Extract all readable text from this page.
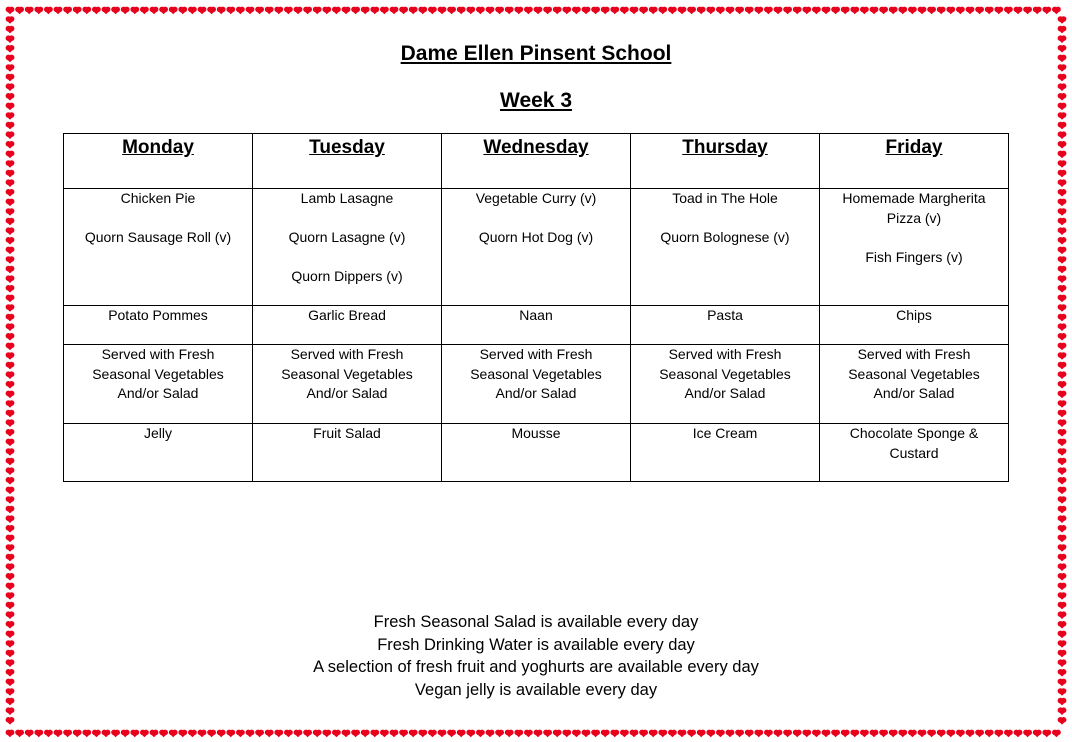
Dame Ellen Pinsent School
Week 3
Monday	Tuesday	Wednesday	Thursday	Friday

Chicken Pie
Quorn Sausage Roll (v)	Lamb Lasagne
Quorn Lasagne (v)
Quorn Dippers (v)	Vegetable Curry (v)
Quorn Hot Dog (v)	Toad in The Hole
Quorn Bolognese (v)	Homemade Margherita
Pizza (v)
Fish Fingers (v)

Potato Pommes	Garlic Bread	Naan	Pasta	Chips

Served with Fresh
Seasonal Vegetables
And/or Salad	Served with Fresh
Seasonal Vegetables
And/or Salad	Served with Fresh
Seasonal Vegetables
And/or Salad	Served with Fresh
Seasonal Vegetables
And/or Salad	Served with Fresh
Seasonal Vegetables
And/or Salad

Jelly	Fruit Salad	Mousse	Ice Cream	Chocolate Sponge &
Custard
Fresh Seasonal Salad is available every day
Fresh Drinking Water is available every day
A selection of fresh fruit and yoghurts are available every day
Vegan jelly is available every day
